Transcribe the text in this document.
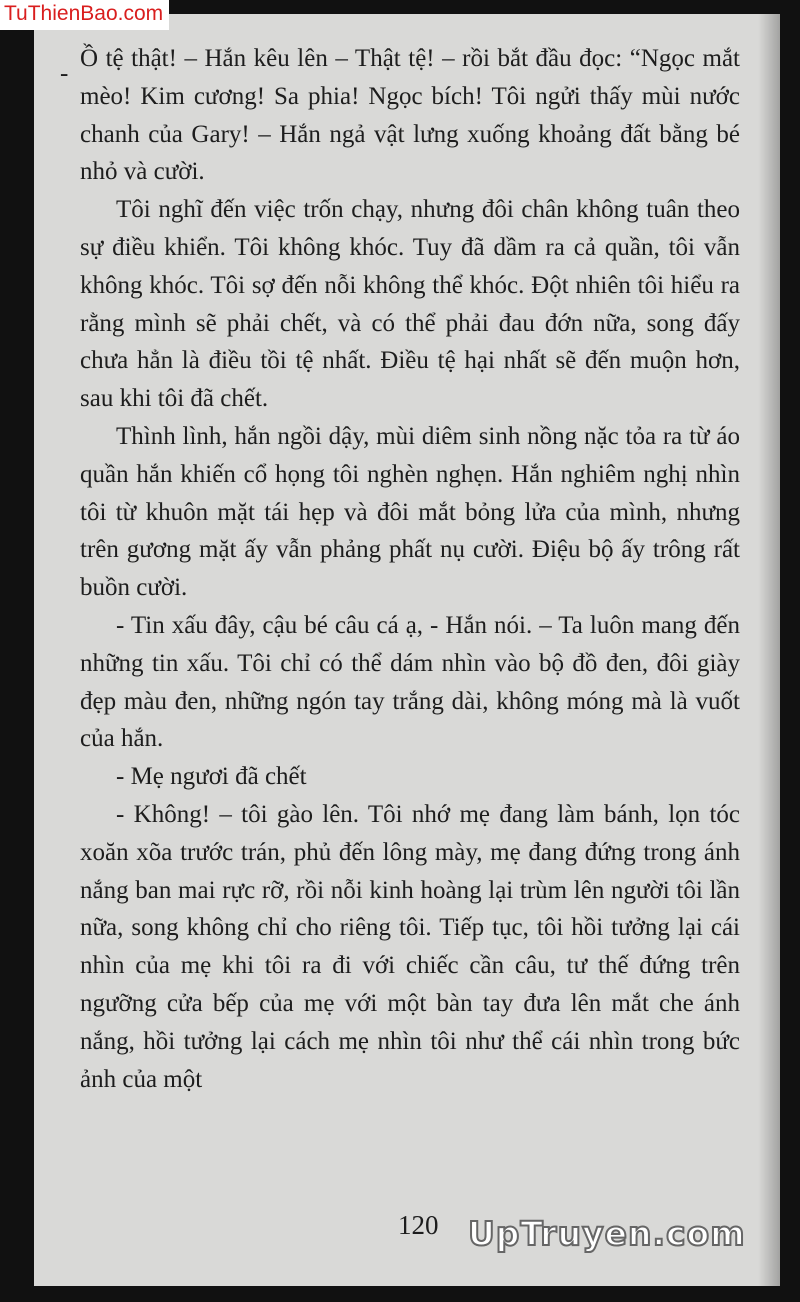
TuThienBao.com
-

Ồ tệ thật! – Hắn kêu lên – Thật tệ! – rồi bắt đầu đọc: “Ngọc mắt mèo! Kim cương! Sa phia! Ngọc bích! Tôi ngửi thấy mùi nước chanh của Gary! – Hắn ngả vật lưng xuống khoảng đất bằng bé nhỏ và cười.

Tôi nghĩ đến việc trốn chạy, nhưng đôi chân không tuân theo sự điều khiển. Tôi không khóc. Tuy đã dầm ra cả quần, tôi vẫn không khóc. Tôi sợ đến nỗi không thể khóc. Đột nhiên tôi hiểu ra rằng mình sẽ phải chết, và có thể phải đau đớn nữa, song đấy chưa hẳn là điều tồi tệ nhất. Điều tệ hại nhất sẽ đến muộn hơn, sau khi tôi đã chết.

Thình lình, hắn ngồi dậy, mùi diêm sinh nồng nặc tỏa ra từ áo quần hắn khiến cổ họng tôi nghèn nghẹn. Hắn nghiêm nghị nhìn tôi từ khuôn mặt tái hẹp và đôi mắt bỏng lửa của mình, nhưng trên gương mặt ấy vẫn phảng phất nụ cười. Điệu bộ ấy trông rất buồn cười.

- Tin xấu đây, cậu bé câu cá ạ, - Hắn nói. – Ta luôn mang đến những tin xấu. Tôi chỉ có thể dám nhìn vào bộ đồ đen, đôi giày đẹp màu đen, những ngón tay trắng dài, không móng mà là vuốt của hắn.

- Mẹ ngươi đã chết

- Không! – tôi gào lên. Tôi nhớ mẹ đang làm bánh, lọn tóc xoăn xõa trước trán, phủ đến lông mày, mẹ đang đứng trong ánh nắng ban mai rực rỡ, rồi nỗi kinh hoàng lại trùm lên người tôi lần nữa, song không chỉ cho riêng tôi. Tiếp tục, tôi hồi tưởng lại cái nhìn của mẹ khi tôi ra đi với chiếc cần câu, tư thế đứng trên ngưỡng cửa bếp của mẹ với một bàn tay đưa lên mắt che ánh nắng, hồi tưởng lại cách mẹ nhìn tôi như thể cái nhìn trong bức ảnh của một

120 UpTruyen.com
